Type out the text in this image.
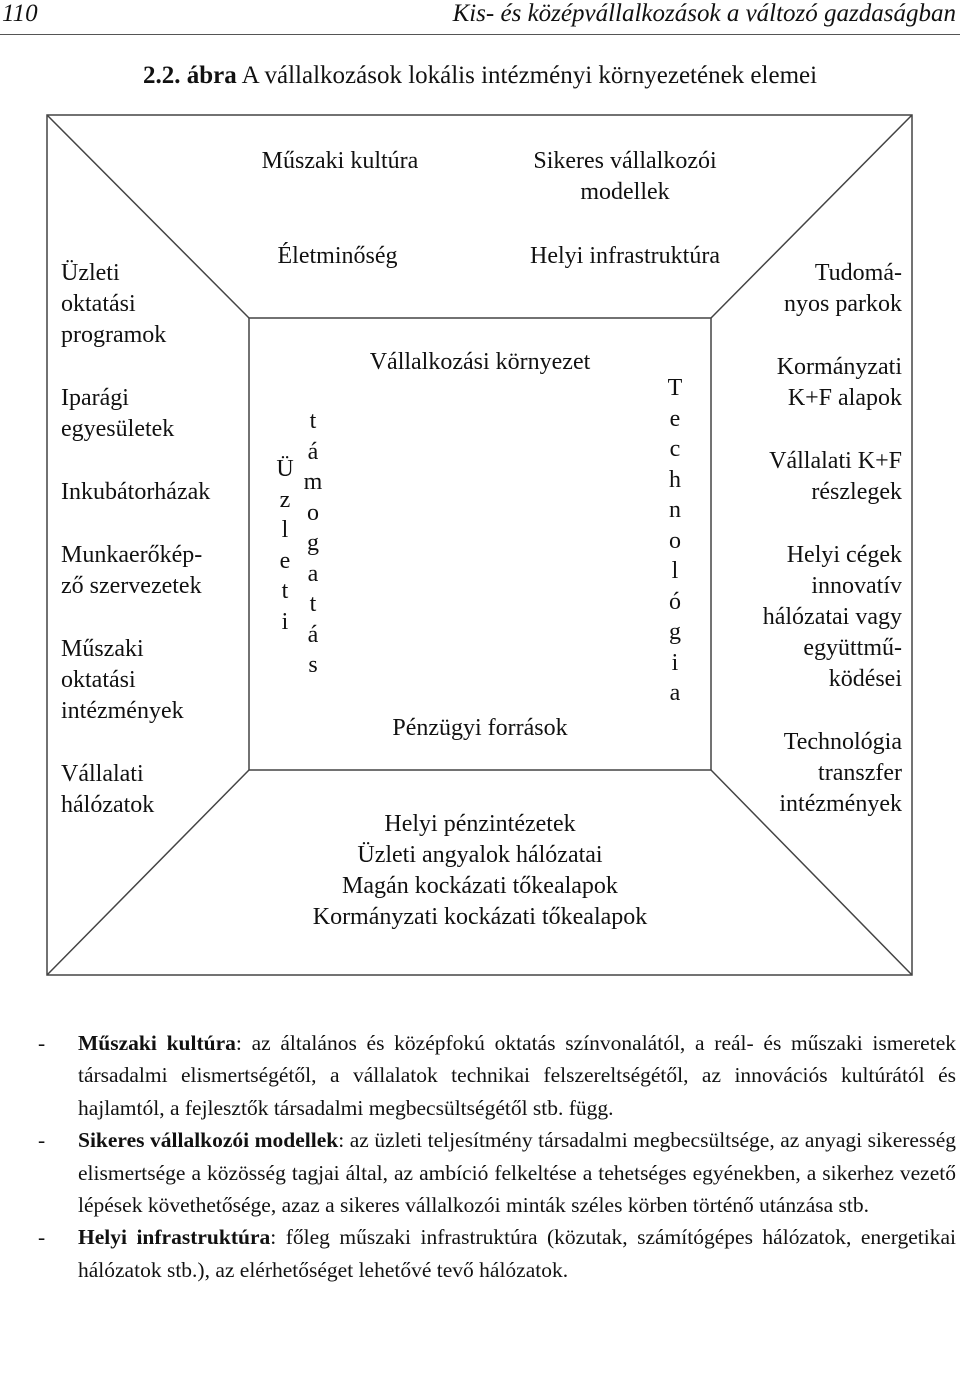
110	Kis- és középvállalkozások a változó gazdaságban
2.2. ábra A vállalkozások lokális intézményi környezetének elemei
Műszaki kultúra	Sikeres vállalkozói
modellek
Életminőség	Helyi infrastruktúra
Üzleti
oktatási
programok
Iparági
egyesületek
Inkubátorházak
Munkaerőkép-
ző szervezetek
Műszaki
oktatási
intézmények
Vállalati
hálózatok
Tudomá-
nyos parkok
Kormányzati
K+F alapok
Vállalati K+F
részlegek
Helyi cégek
innovatív
hálózatai vagy
együttmű-
ködései
Technológia
transzfer
intézmények
Vállalkozási környezet
Ü
z
l
e
t
i
t
á
m
o
g
a
t
á
s
T
e
c
h
n
o
l
ó
g
i
a
Pénzügyi források
Helyi pénzintézetek
Üzleti angyalok hálózatai
Magán kockázati tőkealapok
Kormányzati kockázati tőkealapok
- Műszaki kultúra: az általános és középfokú oktatás színvonalától, a reál- és műszaki ismeretek társadalmi elismertségétől, a vállalatok technikai felszereltségétől, az innovációs kultúrától és hajlamtól, a fejlesztők társadalmi megbecsültségétől stb. függ.
- Sikeres vállalkozói modellek: az üzleti teljesítmény társadalmi megbecsültsége, az anyagi sikeresség elismertsége a közösség tagjai által, az ambíció felkeltése a tehetséges egyénekben, a sikerhez vezető lépések követhetősége, azaz a sikeres vállalkozói minták széles körben történő utánzása stb.
- Helyi infrastruktúra: főleg műszaki infrastruktúra (közutak, számítógépes hálózatok, energetikai hálózatok stb.), az elérhetőséget lehetővé tevő hálózatok.
